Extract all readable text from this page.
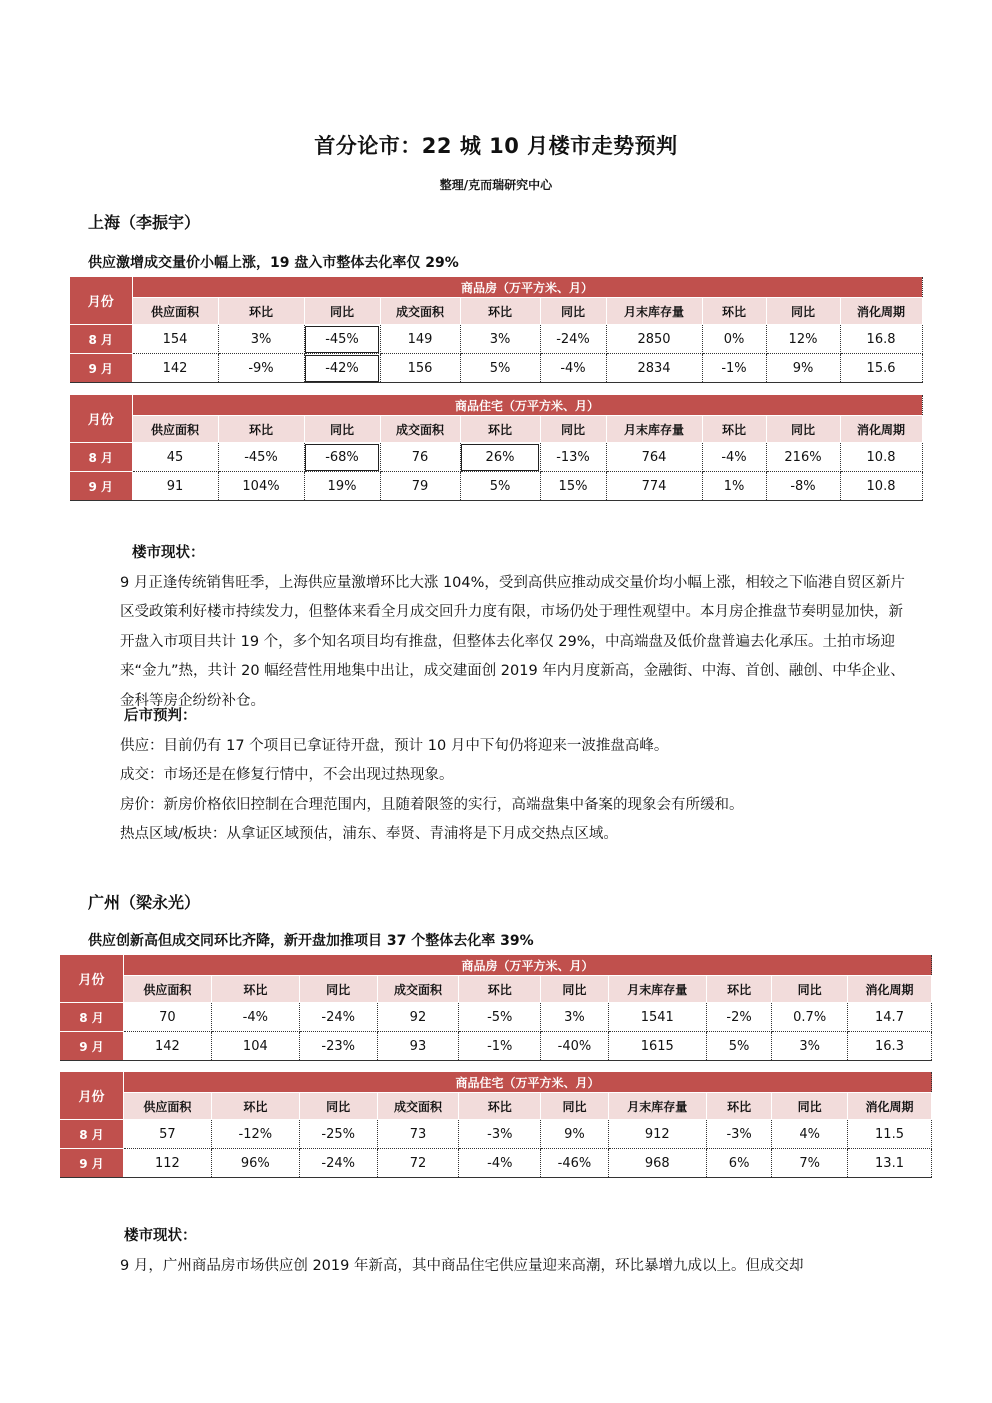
首分论市：22 城 10 月楼市走势预判
整理/克而瑞研究中心
上海（李振宇）
供应激增成交量价小幅上涨，19 盘入市整体去化率仅 29%
月份	商品房（万平方米、月）									
	供应面积	环比	同比	成交面积	环比	同比	月末库存量	环比	同比	消化周期
8 月	154	3%	-45%	149	3%	-24%	2850	0%	12%	16.8
9 月	142	-9%	-42%	156	5%	-4%	2834	-1%	9%	15.6
月份	商品住宅（万平方米、月）									
	供应面积	环比	同比	成交面积	环比	同比	月末库存量	环比	同比	消化周期
8 月	45	-45%	-68%	76	26%	-13%	764	-4%	216%	10.8
9 月	91	104%	19%	79	5%	15%	774	1%	-8%	10.8
楼市现状：
9 月正逢传统销售旺季，上海供应量激增环比大涨 104%，受到高供应推动成交量价均小幅上涨，相较之下临港自贸区新片区受政策利好楼市持续发力，但整体来看全月成交回升力度有限，市场仍处于理性观望中。本月房企推盘节奏明显加快，新开盘入市项目共计 19 个，多个知名项目均有推盘，但整体去化率仅 29%，中高端盘及低价盘普遍去化承压。土拍市场迎来“金九”热，共计 20 幅经营性用地集中出让，成交建面创 2019 年内月度新高，金融街、中海、首创、融创、中华企业、金科等房企纷纷补仓。
后市预判：
供应：目前仍有 17 个项目已拿证待开盘，预计 10 月中下旬仍将迎来一波推盘高峰。
成交：市场还是在修复行情中，不会出现过热现象。
房价：新房价格依旧控制在合理范围内，且随着限签的实行，高端盘集中备案的现象会有所缓和。
热点区域/板块：从拿证区域预估，浦东、奉贤、青浦将是下月成交热点区域。
广州（梁永光）
供应创新高但成交同环比齐降，新开盘加推项目 37 个整体去化率 39%
月份	商品房（万平方米、月）									
	供应面积	环比	同比	成交面积	环比	同比	月末库存量	环比	同比	消化周期
8 月	70	-4%	-24%	92	-5%	3%	1541	-2%	0.7%	14.7
9 月	142	104	-23%	93	-1%	-40%	1615	5%	3%	16.3
月份	商品住宅（万平方米、月）									
	供应面积	环比	同比	成交面积	环比	同比	月末库存量	环比	同比	消化周期
8 月	57	-12%	-25%	73	-3%	9%	912	-3%	4%	11.5
9 月	112	96%	-24%	72	-4%	-46%	968	6%	7%	13.1
楼市现状：
9 月，广州商品房市场供应创 2019 年新高，其中商品住宅供应量迎来高潮，环比暴增九成以上。但成交却
